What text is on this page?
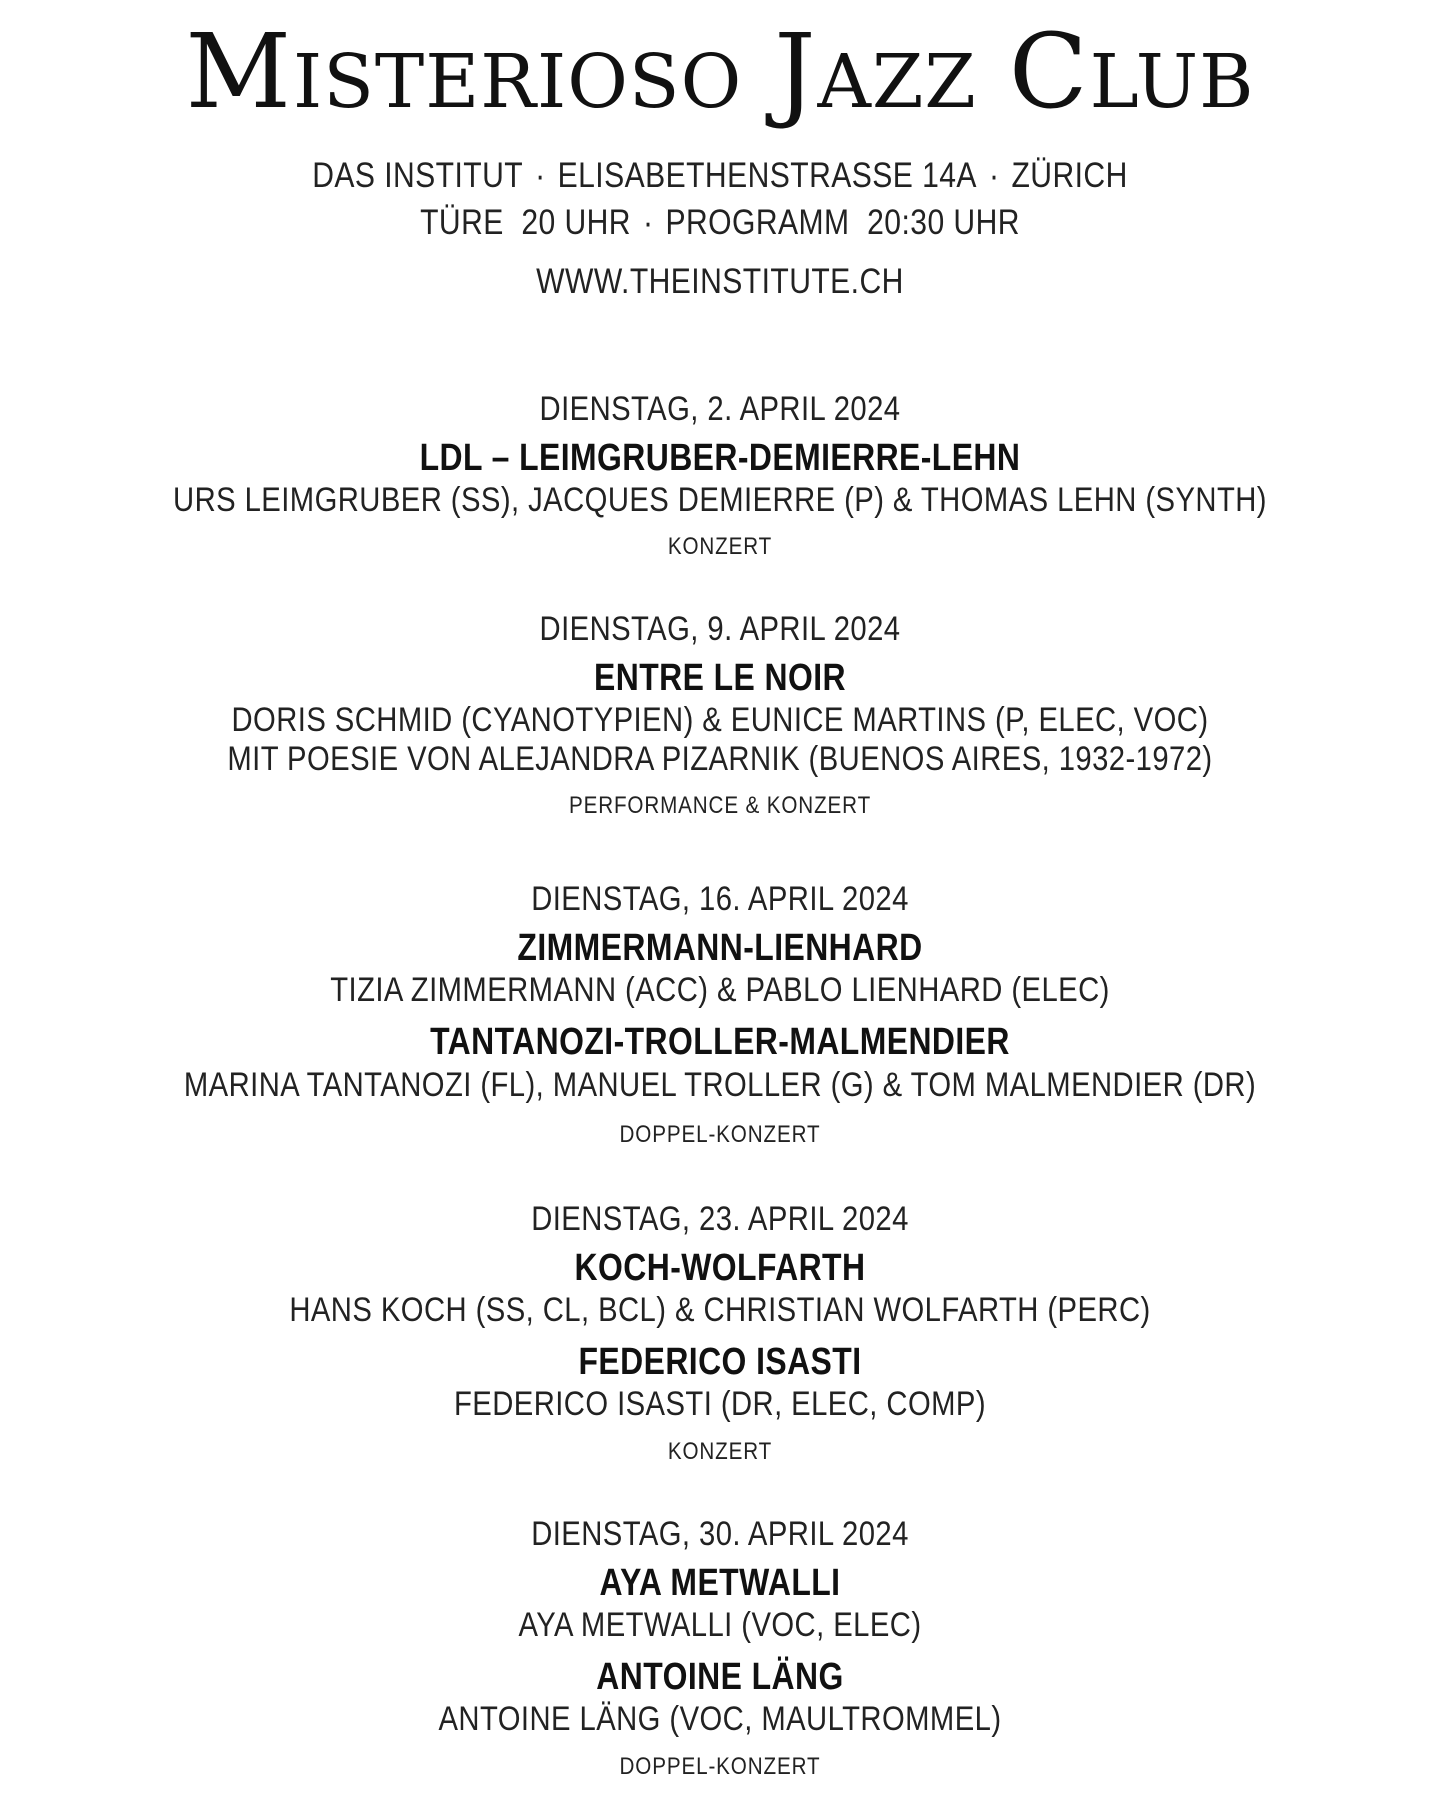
MISTERIOSO JAZZ CLUB
DAS INSTITUT · ELISABETHENSTRASSE 14A · ZÜRICH
TÜRE  20 UHR · PROGRAMM  20:30 UHR
WWW.THEINSTITUTE.CH
DIENSTAG, 2. APRIL 2024
LDL – LEIMGRUBER-DEMIERRE-LEHN
URS LEIMGRUBER (SS), JACQUES DEMIERRE (P) & THOMAS LEHN (SYNTH)
KONZERT
DIENSTAG, 9. APRIL 2024
ENTRE LE NOIR
DORIS SCHMID (CYANOTYPIEN) & EUNICE MARTINS (P, ELEC, VOC)
MIT POESIE VON ALEJANDRA PIZARNIK (BUENOS AIRES, 1932-1972)
PERFORMANCE & KONZERT
DIENSTAG, 16. APRIL 2024
ZIMMERMANN-LIENHARD
TIZIA ZIMMERMANN (ACC) & PABLO LIENHARD (ELEC)
TANTANOZI-TROLLER-MALMENDIER
MARINA TANTANOZI (FL), MANUEL TROLLER (G) & TOM MALMENDIER (DR)
DOPPEL-KONZERT
DIENSTAG, 23. APRIL 2024
KOCH-WOLFARTH
HANS KOCH (SS, CL, BCL) & CHRISTIAN WOLFARTH (PERC)
FEDERICO ISASTI
FEDERICO ISASTI (DR, ELEC, COMP)
KONZERT
DIENSTAG, 30. APRIL 2024
AYA METWALLI
AYA METWALLI (VOC, ELEC)
ANTOINE LÄNG
ANTOINE LÄNG (VOC, MAULTROMMEL)
DOPPEL-KONZERT
